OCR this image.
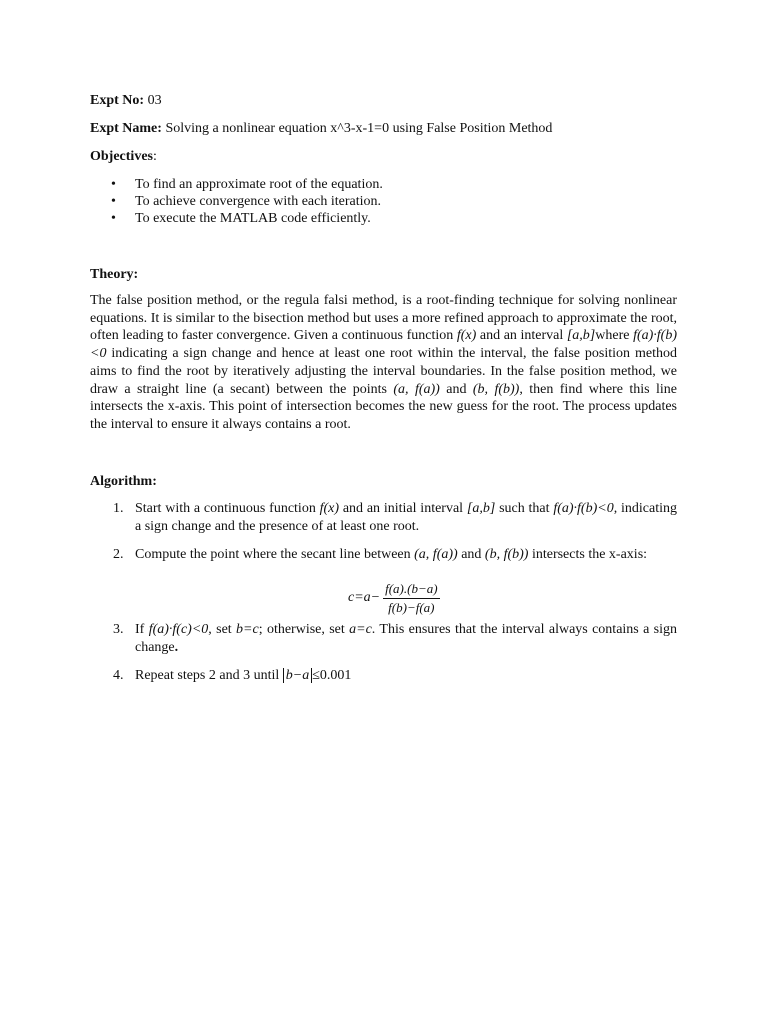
Expt No: 03
Expt Name: Solving a nonlinear equation x^3-x-1=0 using False Position Method
Objectives:
• To find an approximate root of the equation.
• To achieve convergence with each iteration.
• To execute the MATLAB code efficiently.
Theory:

The false position method, or the regula falsi method, is a root-finding technique for solving nonlinear equations. It is similar to the bisection method but uses a more refined approach to approximate the root, often leading to faster convergence. Given a continuous function f(x) and an interval [a,b]where f(a)·f(b)<0 indicating a sign change and hence at least one root within the interval, the false position method aims to find the root by iteratively adjusting the interval boundaries. In the false position method, we draw a straight line (a secant) between the points (a, f(a)) and (b, f(b)), then find where this line intersects the x-axis. This point of intersection becomes the new guess for the root. The process updates the interval to ensure it always contains a root.

Algorithm:
1. Start with a continuous function f(x) and an initial interval [a,b] such that f(a)·f(b)<0, indicating a sign change and the presence of at least one root.
2. Compute the point where the secant line between (a, f(a)) and (b, f(b)) intersects the x-axis:
$c=a- \frac{f(a).(b-a)}{f(b)-f(a)}$
3. If f(a)·f(c)<0, set b=c; otherwise, set a=c. This ensures that the interval always contains a sign change.
4. Repeat steps 2 and 3 until b−a ≤0.001
